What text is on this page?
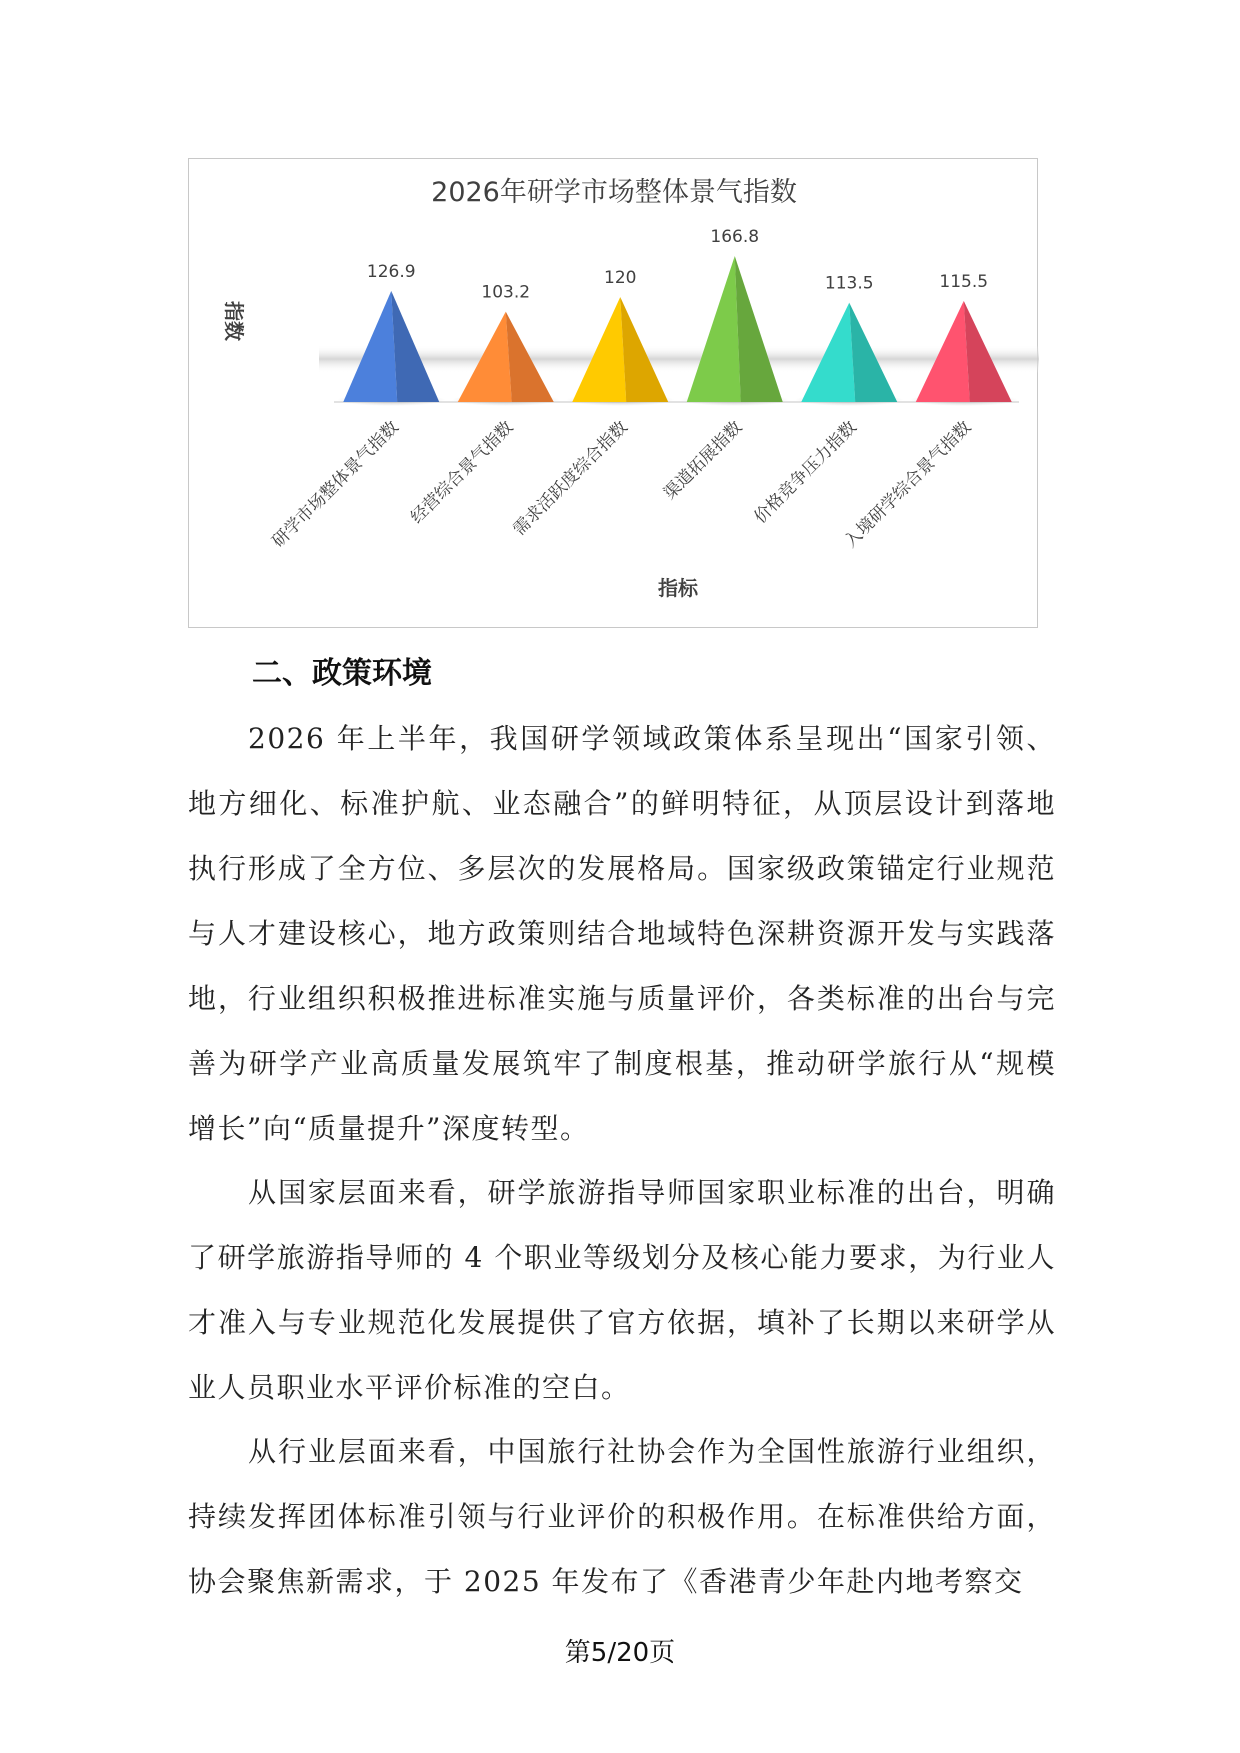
2026年研学市场整体景气指数
指数
126.9
研学市场整体景气指数
103.2
经营综合景气指数
120
需求活跃度综合指数
166.8
渠道拓展指数
113.5
价格竞争压力指数
115.5
入境研学综合景气指数
指标
二、政策环境

2026 年上半年，我国研学领域政策体系呈现出“国家引领、地方细化、标准护航、业态融合”的鲜明特征，从顶层设计到落地执行形成了全方位、多层次的发展格局。国家级政策锚定行业规范与人才建设核心，地方政策则结合地域特色深耕资源开发与实践落地，行业组织积极推进标准实施与质量评价，各类标准的出台与完善为研学产业高质量发展筑牢了制度根基，推动研学旅行从“规模增长”向“质量提升”深度转型。

从国家层面来看，研学旅游指导师国家职业标准的出台，明确了研学旅游指导师的 4 个职业等级划分及核心能力要求，为行业人才准入与专业规范化发展提供了官方依据，填补了长期以来研学从业人员职业水平评价标准的空白。

从行业层面来看，中国旅行社协会作为全国性旅游行业组织，持续发挥团体标准引领与行业评价的积极作用。在标准供给方面，协会聚焦新需求，于 2025 年发布了《香港青少年赴内地考察交

第5/20页
